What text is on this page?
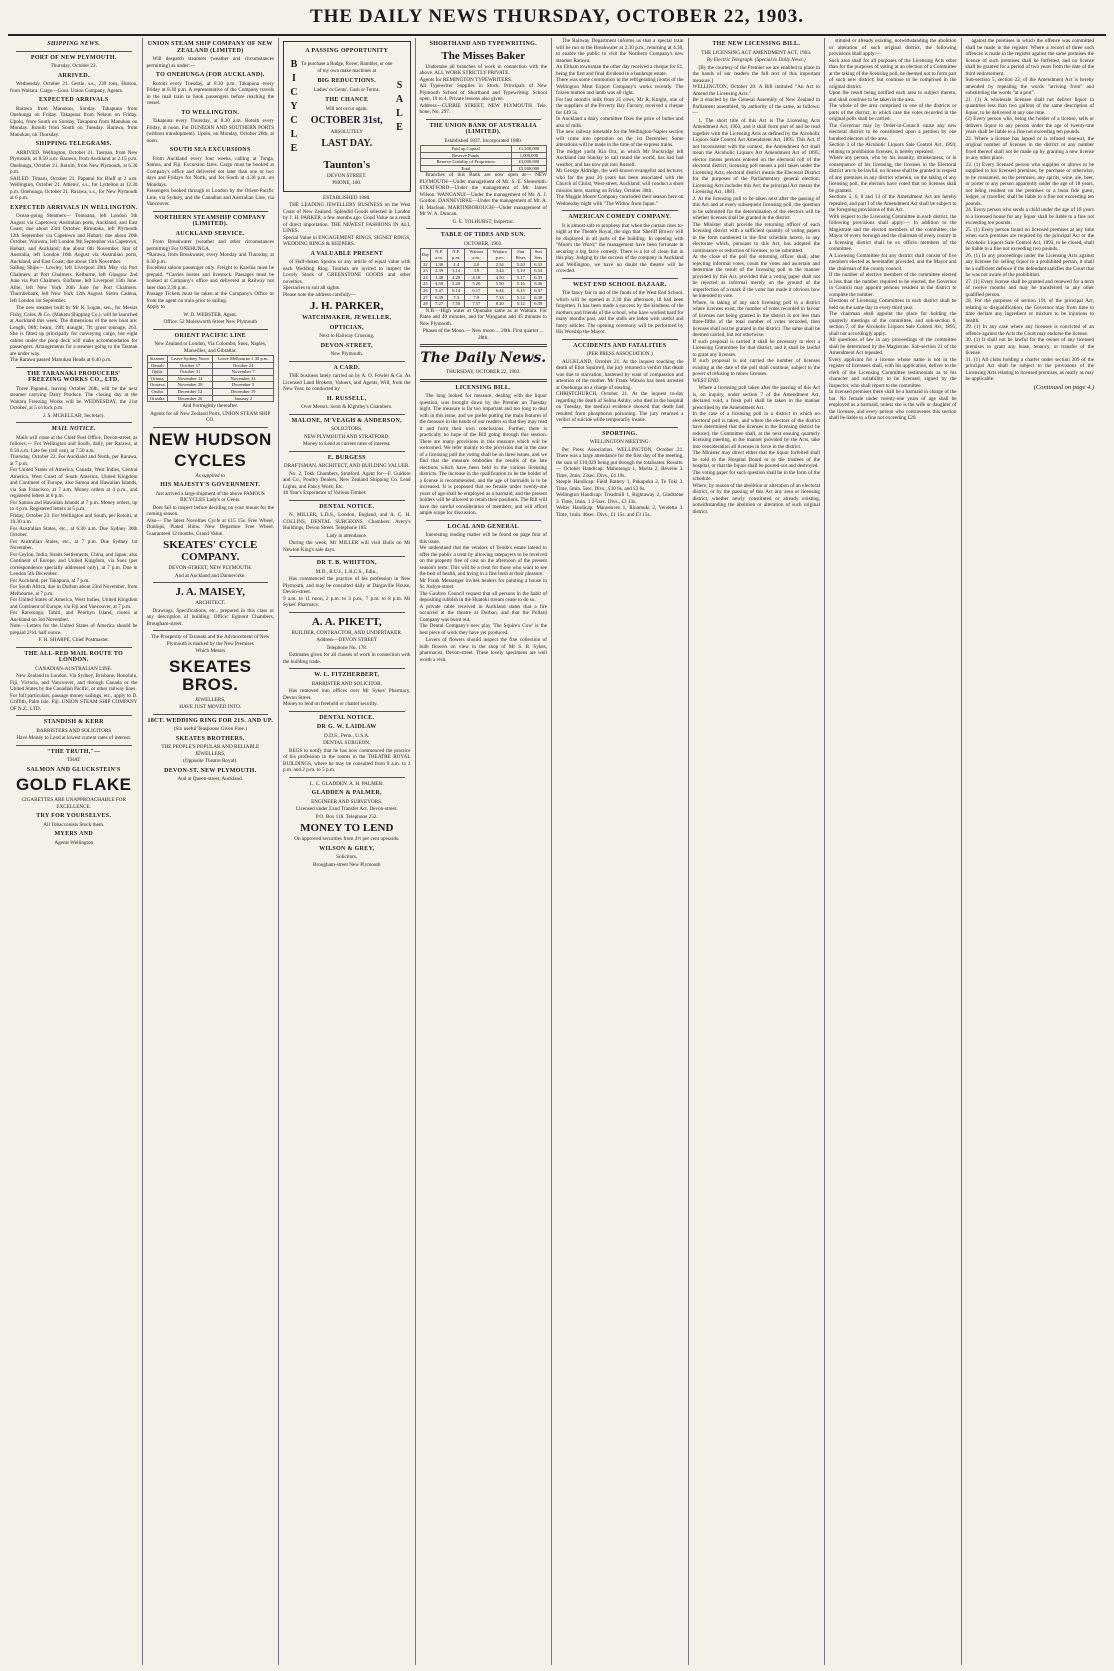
THE DAILY NEWS THURSDAY, OCTOBER 22, 1903.
SHIPPING NEWS.
PORT OF NEW PLYMOUTH.
Thursday, October 22.
ARRIVED.
Wednesday, October 21. Gertie, s.s., 239 tons, Hutson, from Waitara. Cargo—Gout. Union Company, Agents.
EXPECTED ARRIVALS
Rarawa from Manukau, Sunday. Takapuna from Onehunga on Friday. Takapuna from Nelson on Friday. Upolu, from South on Sunday. Takapuna from Manukau on Monday. Rotoiti from South on Tuesday. Rarawa, from Manukau, on Thursday.
SHIPPING TELEGRAMS.
ARRIVED. Wellington, October 21. Tasman, from New Plymouth, at 8.50 a.m. Rarawa, from Auckland at 2.15 p.m. Onehunga, October 21. Rotoiti, from New Plymouth, at 6.30 p.m.
SAILED. Timaru, October 21. Papanui for Bluff at 2 a.m. Wellington, October 21. Athenic, s.s., for Lyttelton at 12.30 p.m. Onehunga, October 21. Rarawa, s.s., for New Plymouth at 6 p.m.
EXPECTED ARRIVALS IN WELLINGTON.
Ocean-going Steamers— Tomoana, left London 5th August via Capetown; Australian ports, Auckland, and East Coast; due about 23rd October. Rimutaka, left Plymouth 12th September via Capetown and Hobart; due about 20th October. Waiwera, left London 9th September via Capetown, Hobart, and Auckland; due about 6th November. Star of Australia, left London 16th August via Australian ports, Auckland, and East Coast; due about 13th November.
Sailing Ships— Lowley, left Liverpool 28th May via Port Chalmers; at Port Chalmers. Kelburne, left Glasgow 2nd June via Port Chalmers. Einfanse, left Liverpool 15th June. Allie, left New York 20th June for Port Chalmers. Thornliebank, left New York 12th August. Sierra Cadena, left London 1st September.
The new steamer built by Mr R. Logan, sen., for Messrs Fishy, Coles, & Co. (Maketu Shipping Co.), will be launched at Auckland this week. The dimensions of the new boat are: Length, 96ft; beam, 19ft; draught, 7ft; gross tonnage, 263. She is fitted up principally for conveying cargo, but eight cabins under the poop deck will make accommodation for passengers. Arrangements for a steamer going to the Tasman are under way.
The Rarawa passed Manukau Heads at 6.40 p.m.
THE TARANAKI PRODUCERS' FREEZING WORKS CO., LTD.
Three Papanui, leaving October 26th, will be the next steamer carrying Dairy Produce. The closing day at the Waitara Freezing Works will be WEDNESDAY, the 21st October, at 5 o'clock p.m.
J. S. MCKELLAR, Secretary.
MAIL NOTICE.
Mails will close at the Chief Post Office, Devon-street, as follows:— For Wellington and South, daily, per Rarawa, at 8.50 a.m. Late fee (rail van), at 7.50 a.m.
Thursday, October 22. For Auckland and North, per Rarawa, at 7 p.m.
For United States of America, Canada, West Indies, Central America, West Coast of South America, United Kingdom and Continent of Europe, also Samoa and Hawaiian Islands, via San Francisco, at 7 a.m. Money orders at 4 p.m., and registered letters at 6 p.m.
For Samoa and Hawaiian Islands at 7 p.m. Money orders, up to 4 p.m. Registered letters at 5 p.m.
Friday, October 23. For Wellington and South, per Rotoiti, at 10.30 a.m.
For Australian States, etc., at 6.30 a.m. Due Sydney 30th October.
For Australian States, etc., at 7 p.m. Due Sydney 1st November.
For Ceylon, India, Straits Settlements, China, and Japan; also Continent of Europe, and United Kingdom, via Suez (per correspondence specially addressed only), at 7 p.m. Due in London 5th December.
For Auckland, per Takapuna, at 7 p.m.
For South Africa, due in Durban about 23rd November, from Melbourne, at 7 p.m.
For United States of America, West Indies, United Kingdom and Continent of Europe, via Fiji and Vancouver, at 7 p.m.
For Rarotonga, Tahiti, and Penrhyn Island, closes at Auckland on 3rd November.
Note.—Letters for the United States of America should be prepaid 2½d. half ounce.
F. H. SHARPE, Chief Postmaster.
THE ALL-RED MAIL ROUTE TO LONDON.
CANADIAN-AUSTRALIAN LINE.
New Zealand to London. Via Sydney, Brisbane, Honolulu, Fiji, Victoria, and Vancouver, and through Canada or the United States by the Canadian Pacific, or other railway lines.
For full particulars, passage money sailings, etc., apply to D. Griffith, Palm Isle. Fiji. UNION STEAM SHIP COMPANY OF N.Z., LTD.
STANDISH & KERR
BARRISTERS AND SOLICITORS
Have Money to Lend at lowest current rates of interest.
"THE TRUTH,"—
THAT
SALMON AND GLUCKSTEIN'S
GOLD FLAKE
CIGARETTES ARE UNAPPROACHABLE FOR EXCELLENCE.
TRY FOR YOURSELVES.
All Tobacconists Stock them.
MYERS AND
Agents Wellington
UNION STEAM SHIP COMPANY OF NEW ZEALAND (LIMITED)
Will despatch steamers (weather and circumstances permitting) as under:—
TO ONEHUNGA (FOR AUCKLAND).
Rotoiti every Tuesday, at 8.30 p.m. Takapuna every Friday at 8.30 p.m. A representative of the Company travels in the mail train to book passengers before reaching the vessel.
TO WELLINGTON.
Takapuna every Thursday, at 8.30 a.m. Rotoiti every Friday, at noon. For DUNEDIN AND SOUTHERN PORTS (without transhipment). Upolu, on Monday, October 26th, at noon.
SOUTH SEA EXCURSIONS
From Auckland every four weeks, calling at Tonga, Samoa, and Fiji. Excursion fares. Cargo must be booked at Company's office and delivered not later than one or two days and Fridays for North, and for South at 4.30 p.m. on Mondays.
Passengers booked through to London by the Orient-Pacific Line, via Sydney, and the Canadian and Australian Line, via Vancouver.
NORTHERN STEAMSHIP COMPANY (LIMITED).
AUCKLAND SERVICE.
From Breakwater (weather and other circumstances permitting) For ONEHUNGA.
*Rarawa, from Breakwater, every Monday and Thursday, at 8.30 p.m.
Excellent saloon passenger only. Freight to Kawhia must be prepaid. *Carries horses and livestock. Passages must be booked at Company's office and delivered at Railway not later than 2.30 p.m.
Passage Tickets must be taken at the Company's Office or from the agent on train prior to sailing.
Apply to
W. D. WEBSTER, Agent.
Office: 52 Molesworth Street New Plymouth
ORIENT PACIFIC LINE
New Zealand to London, Via Colombo, Suez, Naples, Marseilles, and Gibraltar.
Steamer	Leave Sydney Noon	Leave Melbourne 1.30 p.m.
Omrah	October 17	October 24
Ophir	October 31	November 7
Ortona	November 14	November 21
Orotava	November 28	December 5
Oruba	December 12	December 19
Orizaba	December 26	January 2
And Fortnightly thereafter.
Agents for all New Zealand Ports, UNION STEAM SHIP CO.
NEW HUDSON
CYCLES
As supplied to
HIS MAJESTY'S GOVERNMENT.
Just arrived a large shipment of the above FAMOUS BICYCLES Lady's or Gents.
Dont fail to inspect before deciding on your mount for the coming season.
Also— The latest Novelties Cycle at £15 15s. Free Wheel, Dunlops, Plated Rims. New Departure Free Wheel. Guaranteed 12 months, Grand Value.
SKEATES' CYCLE COMPANY.
DEVON-STREET, NEW PLYMOUTH.
And at Auckland and Dannevirke.
J. A. MAISEY,
ARCHITECT.
Drawings, Specifications, etc., prepared in this class or any description of building. Office: Egmont Chambers, Brougham-street.
The Prosperity of Taranaki and the Advancement of New Plymouth is marked by the New Premises
Which Messrs
SKEATES BROS.
JEWELLERS,
HAVE JUST MOVED INTO.
18CT. WEDDING RING FOR 21S. AND UP.
(Six useful Teaspoons Given Free.)
SKEATES BROTHERS,
THE PEOPLE'S POPULAR AND RELIABLE JEWELLERS,
(Opposite Theatre Royal).
DEVON-ST. NEW PLYMOUTH.
And at Queen-street, Auckland.
A PASSING OPPORTUNITY
B
I
C
Y
C
L
E
To purchase a Rudge, Rover, Rambler, or one of my own make machines at
BIG REDUCTIONS.
Ladies' or Gents', Cash or Terms.
THE CHANCE
Will not occur again.
OCTOBER 31st,
ABSOLUTELY
LAST DAY.
S
A
L
E
Taunton's
DEVON STREET.
PHONE, 100.
ESTABLISHED 1880.
THE LEADING JEWELLERY BUSINESS on the West Coast of New Zealand. Splendid Goods selected in London by J. H. PARKER, a few months ago. Good Value as a result of direct importation. THE NEWEST FASHIONS IN ALL LINES.
Special Value in ENGAGEMENT RINGS, SIGNET RINGS, WEDDING RINGS & KEEPERS.
A VALUABLE PRESENT
of Half-dozen Spoons or any article of equal value with each Wedding Ring. Tourists are invited to inspect the Lovely Stock of GREENSTONE GOODS and other novelties.
Spectacles to suit all sights.
Please note the address carefully—
J. H. PARKER,
WATCHMAKER, JEWELLER,
OPTICIAN,
Next to Railway Crossing,
DEVON-STREET,
New Plymouth.
A CARD.
THE business lately carried on by A. O. Fowler & Co. As Licensed Land Brokers, Valuers, and Agents, Will, from the New Year, be conducted by
H. RUSSELL,
Over Messrs. Scott & Kightley's Chambers.
MALONE, M'VEAGH & ANDERSON,
SOLICITORS,
NEW PLYMOUTH AND STRATFORD.
Money to Lend at current rates of interest.
E. BURGESS
DRAFTSMAN, ARCHITECT, AND BUILDING VALUER.
No. 2, Tokk Chambers, Stratford. Agent for—F. Guidore and Co., Poultry Dealers, New Zealand Shipping Co. Lead Lights, and Fancy Work, Etc.
40 Year's Experience of Various Timber.
DENTAL NOTICE.
N. MILLER, L.D.S., London, England, and A. C. H. COLLINS, DENTAL SURGEONS. Chambers: Avery's Buildings, Devon Street. Telephone 185.
Lady in attendance.
During the week, Mr MILLER will visit Bulls on Mr Newton King's sale days.
DR T. B. WHITTON,
M.D., R.U.I., L.R.C.S., Edin.,
Has commenced the practice of his profession in New Plymouth, and may be consulted daily at Dargaville House, Devon-street.
9 a.m. to 11 noon, 2 p.m. to 3 p.m., 7 p.m. to 8 p.m. Mr Sykes' Pharmacy.
A. A. PIKETT,
BUILDER, CONTRACTOR, AND UNDERTAKER.
Address—DEVON STREET
Telephone No. 178.
Estimates given for all classes of work in connection with the building trade.
W. L. FITZHERBERT,
BARRISTER AND SOLICITOR,
Has removed into offices over Mr Sykes' Pharmacy, Devon Street.
Money to lend on freehold or chattel security.
DENTAL NOTICE.
DR G. W. LAIDLAW
D.D.S., Penn., U.S.A.
DENTAL SURGEON.
BEGS to notify that he has now commenced the practice of his profession in the rooms in the THEATRE ROYAL BUILDINGS, where he may be consulted from 9 a.m. to 1 p.m. and 2 p.m. to 5 p.m.
L. C. GLADDEN. A. H. PALMER.
GLADDEN & PALMER,
ENGINEER AND SURVEYORS.
Licensed under Land Transfer Act. Devon-street.
P.O. Box 118. Telephone 252.
MONEY TO LEND
On approved securities from 4½ per cent upwards.
WILSON & GREY,
Solicitors,
Brougham-street New Plymouth
SHORTHAND AND TYPEWRITING.
The Misses Baker
Undertake all branches of work in connection with the above. ALL WORK STRICTLY PRIVATE.
Agents for REMINGTON TYPEWRITERS.
All Typewriter Supplies in Stock. Principals of New Plymouth School of Shorthand and Typewriting. School open, 10 to 4. Private lessons also given.
Address—CURRIE STREET, NEW PLYMOUTH. Tele. hone, No. 297.
THE UNION BANK OF AUSTRALIA (LIMITED).
Established 1837. Incorporated 1880.
Paid up Capital	£1,500,000
Reserve Funds	1,000,000
Reserve Liability of Proprietors	£3,000,000
Total	£5,500,000
Branches of this Bank are now open at— NEW PLYMOUTH—Under management of Mr. S. E. Shoesmith. STRATFORD—Under the management of Mr. James Wilson. WANGANUI—Under the management of Mr. A. J. Gordon. DANNEVIRKE—Under the management of Mr. A. H. Maclean. MARTINBOROUGH—Under management of Mr W. A. Duncan.
G. E. TOLHURST, Inspector.
TABLE OF TIDES AND SUN.
OCTOBER, 1903.
Day	N.P. a.m.	N.P. p.m.	Waitara a.m.	Waitara p.m.	Sun Rises	Sun Sets
22	1.30	2.4	2.0	2.34	5.20	6.33
23	2.39	3.14	3.9	3.44	5.19	6.34
24	3.48	4.20	4.18	4.50	5.17	6.35
25	4.50	5.20	5.20	5.50	5.16	6.36
26	5.47	6.14	6.17	6.44	5.15	6.37
27	6.39	7.3	7.9	7.33	5.14	6.38
28	7.27	7.50	7.57	8.20	5.12	6.39
N.B.—High water at Opunake same as at Waitara. For Patea add 40 minutes, and for Wanganui add 45 minutes to New Plymouth.
Phases of the Moon.— New moon ... 20th. First quarter ... 28th.
The Daily News.
THURSDAY, OCTOBER 22, 1903.
LICENSING BILL.
The long looked for measure, dealing with the liquor question, was brought down by the Premier on Tuesday night. The measure is far too important and too long to deal with in this issue, and we prefer putting the main features of the measure in the hands of our readers so that they may read it and form their own conclusions. Further, there is practically no hope of the Bill going through this session. There are many provisions in this measure which will be welcomed. We refer mainly to the provision that in the case of a licensing poll the voting shall be on three issues, and we find that the measure embodies the results of the late elections which have been held in the various licensing districts. The increase in the qualification to be the holder of a license is recommended, and the age of barmaids is to be increased. It is proposed that no female under twenty-one years of age shall be employed as a barmaid, and the present holders will be allowed to retain their positions. The Bill will have the careful consideration of members, and will afford ample scope for discussion.
LOCAL AND GENERAL
Interesting reading matter will be found on page four of this issue.
We understand that the vendors of Yende's estate intend to offer the public a treat by allowing ratepayers to be received on the property free of cost on the afternoon of the present season's term. This will be a treat for those who want to see the best of health, and living in a fine bush at their pleasure.
Mr Frank Messenger invites tenders for painting a house in St. Aubyn-street.
The Gaulton Council request that all persons in the habit of depositing rubbish in the Huatoki stream cease to do so.
A private cable received in Auckland states that a fire occurred at the theatre at Durban, and that the Pollard Company was burnt out.
The Dental Company's new play 'The Squire's Cow' is the best piece of work they have yet produced.
Lovers of flowers should inspect the fine collection of bulb flowers on view in the shop of Mr S. B. Sykes, pharmacist, Devon-street. These lovely specimens are well worth a visit.
The Railway Department informs us that a special train will be run to the Breakwater at 2.30 p.m., returning at 4.30, to enable the public to visit the Northern Company's new steamer Rarawa.
An Eltham townsman the other day received a cheque for £1, being the first and final dividend in a bankrupt estate.
There was some commotion in the refrigerating rooms of the Wellington Meat Export Company's works recently. The frozen mutton and lamb was all right.
For last month's milk from 25 cows, Mr R. Knight, one of the suppliers of the Poverty Bay Factory, received a cheque for £49 5s.
In Auckland a dairy committee fixes the price of butter and also of milk.
The new railway timetable for the Wellington-Napier section will come into operation on the 1st December. Some alterations will be made in the time of the express trains.
The midget yacht Kia Ora, in which Mr Buckridge left Auckland last Sunday to sail round the world, has had bad weather, and has now put into Russell.
Mr George Aldridge, the well known evangelist and lecturer, who for the past 20 years has been associated with the Church of Christ, West-street, Auckland, will conduct a short mission here, starting on Friday, October 30th.
The Maggie Moore Company concluded their season here on Wednesday night with "The Widow from Japan."
AMERICAN COMEDY COMPANY.
It is almost safe to prophesy that when the curtain rises to-night at the Theatre Royal, the sign that 'Sheriff Brown' will be displayed in all parts of the building. In opening with "Mum's the Word," the management have been fortunate in securing a big farce comedy. There is a lot of clean fun in this play. Judging by the success of the company in Auckland and Wellington, we have no doubt the theatre will be crowded.
WEST END SCHOOL BAZAAR.
The fancy fair in aid of the funds of the West End School, which will be opened at 2.30 this afternoon, ill had been forgotten. It has been made a success by the kindness of the mothers and friends of the school, who have worked hard for many months past, and the stalls are laden with useful and fancy articles. The opening ceremony will be performed by His Worship the Mayor.
ACCIDENTS AND FATALITIES
(PER PRESS ASSOCIATION.)
AUCKLAND, October 21. At the inquest touching the death of Eliot Squirrell, the jury returned a verdict that death was due to starvation, hastened by want of compassion and attention of the mother. Mr Frank Watson has been arrested at Onehunga on a charge of stealing.
CHRISTCHURCH, October 21. At the inquest to-day regarding the death of Selina Ashby, who died in the hospital on Tuesday, the medical evidence showed that death had resulted from phosphorus poisoning. The jury returned a verdict of suicide while temporarily insane.
SPORTING.
WELLINGTON MEETING.
Per Press Association. WELLINGTON, October 21. There was a large attendance for the first day of the meeting, the sum of £10,029 being put through the totalisator. Results:— October Handicap: Mahutonga 1, Marita 2, Reverie 3. Time, 2min. 23sec. Divs., £4 19s.
Steeple Handicap: Field Battery 1, Pukapuka 2, Te Toki 3. Time, 5min. 5sec. Divs., £10 6s. and £3 6s.
Wellington Handicap: Treadmill 1, Rightaway 2, Gladstone 3. Time, 1min. 1 2-5sec. Divs., £3 13s.
Welter Handicap: Manoeuvre 1, Rinamuki 2, Vendetta 3. Time, 1min. 46sec. Divs., £1 15s. and £3 15s.
THE NEW LICENSING BILL.
THE LICENSING ACT AMENDMENT ACT, 1903.
By Electric Telegraph. (Special to Daily News.)
[By the courtesy of the Premier we are enabled to place in the hands of our readers the full text of this important measure.]
WELLINGTON, October 20. A Bill intituled "An Act to Amend the Licensing Acts."
Be it enacted by the General Assembly of New Zealand in Parliament assembled, by authority of the same, as follows:—
1. The short title of this Act is The Licensing Acts Amendment Act, 1903, and it shall form part of and be read together with the Licensing Acts as defined by the Alcoholic Liquors Sale Control Act Amendment Act, 1895. This Act, if not inconsistent with the context, the Amendment Act shall mean the Alcoholic Liquors Act Amendment Act of 1895; elector means persons entered on the electoral roll of the electoral district; licensing poll means a poll taken under the Licensing Acts; electoral district means the Electoral District for the purposes of the Parliamentary general election; Licensing Acts includes this Act; the principal Act means the Licensing Act, 1881.
2. At the licensing poll to be taken next after the passing of this Act and at every subsequent licensing poll, the question to be submitted for the determination of the electors will be whether licenses shall be granted in the district.
The Minister shall provide the returning officer of each licensing district with a sufficient quantity of voting papers in the form numbered in the first schedule hereto, in any electorate which, pursuant to this Act, has adopted the continuance or reduction of licenses, to be submitted.
At the close of the poll the returning officer shall, after rejecting informal votes, count the votes and ascertain and determine the result of the licensing poll in the manner provided by this Act, provided that a voting paper shall not be rejected as informal merely on the ground of the imperfection of a mark if the voter has made it obvious how he intended to vote.
Where, in taking of any such licensing poll in a district where licenses exist, the number of votes recorded in favour of licenses not being granted in the district is not less than three-fifths of the total number of votes recorded, then licenses shall not be granted in the district. The same shall be deemed carried, but not otherwise.
If such proposal is carried it shall be necessary to elect a Licensing Committee for that district, and it shall be lawful to grant any licenses.
If such proposal is not carried the number of licenses existing at the date of the poll shall continue, subject to the power of refusing to renew licenses.
WEST END.
Where a licensing poll taken after the passing of this Act is, on inquiry, under section 7 of the Amendment Act, declared void, a fresh poll shall be taken in the manner prescribed by the Amendment Act.
In the case of a licensing poll in a district in which no electoral poll is taken, and where the electors of the district have determined that the licenses in the licensing district be reduced, the Committee shall, at the next ensuing quarterly licensing meeting, in the manner provided by the Acts, take into consideration all licenses in force in the district.
The Minister may direct either that the liquor forfeited shall be sold to the Hospital Board or to the trustees of the hospital, or that the liquor shall be poured out and destroyed.
The voting paper for such question shall be in the form of the schedule.
Where, by reason of the abolition or alteration of an electoral district, or by the passing of this Act any area or licensing district, whether newly constituted or already existing, notwithstanding the abolition or alteration of such original district.
stituted or already existing, notwithstanding the abolition or alteration of such original district, the following provisions shall apply:—
Such area shall for all purposes of the Licensing Acts other than for the purposes of voting at an election of a Committee at the taking of the licensing poll, be deemed not to form part of such new district; but continue to be comprised in the original district.
Upon the result being notified each area to subject thereto, and shall continue to be taken in the area.
The whole of the area comprised in one of the districts or parts of the district, in which case the votes recorded in the original polls shall be carried.
The Governor may by Order-in-Council cause any new electoral district to be constituted upon a petition by one hundred electors of the area.
Section 3 of the Alcoholic Liquors Sale Control Act, 1893, relating to prohibition licenses, is hereby repealed.
Where any person, who by his insanity, drunkenness, or in consequence of his licensing, the licenses in the Electoral district are to be lawful, no license shall be granted in respect of any premises in any district wherein, on the taking of any licensing poll, the electors have voted that no licenses shall be granted.
Sections 5, 6, 8 and 13 of the Amendment Act are hereby repealed, and part I of the Amendment Act shall be subject to the foregoing provisions of this Act.
With respect to the Licensing Committee in each district, the following provisions shall apply:— In addition to the Magistrate and the elected members of the committee, the Mayor of every borough and the chairman of every county in a licensing district shall be ex officio members of the committee.
A Licensing Committee for any district shall consist of five members elected as hereinafter provided, and the Mayor and the chairman of the county council.
If the number of elective members of the committee elected is less than the number required to be elected, the Governor in Council may appoint persons resident in the district to complete the number.
Elections of Licensing Committees in each district shall be held on the same day in every third year.
The chairman shall appoint the place for holding the quarterly meetings of the committee, and sub-section 6, section 7, of the Alcoholic Liquors Sale Control Act, 1895, shall not accordingly apply.
All questions of law in any proceedings of the committee shall be determined by the Magistrate. Sub-section 21 of the Amendment Act repealed.
Every applicant for a license whose name is not in the register of licensees shall, with his application, deliver to the clerk of the Licensing Committee testimonials as to his character and suitability to be licensed, signed by the Inspector, who shall report to the committee.
In licensed premises there shall be a barmaid in charge of the bar. No female under twenty-one years of age shall be employed as a barmaid, unless she is the wife or daughter of the licensee, and every person who contravenes this section shall be liable to a fine not exceeding £20.
against the premises in which the offence was committed shall be made in the register. Where a record of three such offences is made in the register against the same premises the licence of such premises shall be forfeited, and no license shall be granted for a period of two years from the date of the third endorsement.
Sub-section 5, section 22, of the Amendment Act is hereby amended by repealing the words "arriving from" and substituting the words "at a port".
21. (1) A wholesale licensee shall not deliver liquor in quantities less than two gallons of the same description of liquor, to be delivered at any one time.
(2) Every person who, being the holder of a license, sells or delivers liquor to any person under the age of twenty-one years shall be liable to a fine not exceeding ten pounds.
22. Where a license has lapsed or is refused renewal, the original number of licenses in the district or any number fixed thereof shall not be made up by granting a new license in any other place.
23. (1) Every licensed person who supplies or allows to be supplied to his licensed premises, by purchase or otherwise, to be consumed, on the premises, any spirits, wine, ale, beer, or porter to any person apparently under the age of 18 years, not being resident on the premises or a bona fide guest, lodger, or traveller, shall be liable to a fine not exceeding ten pounds.
24. Every person who sends a child under the age of 18 years to a licensed house for any liquor shall be liable to a fine not exceeding ten pounds.
25. (1) Every person found on licensed premises at any time when such premises are required by the principal Act or the Alcoholic Liquors Sale Control Act, 1893, to be closed, shall be liable to a fine not exceeding two pounds.
26. (1) In any proceedings under the Licensing Acts against any licensee for selling liquor to a prohibited person, it shall be a sufficient defence if the defendant satisfies the Court that he was not aware of the prohibition.
27. (1) Every license shall be granted and renewed for a term of twelve months and may be transferred to any other qualified person.
28. For the purposes of section 191 of the principal Act, relating to disqualification, the Governor may from time to time declare any ingredient or mixture to be injurious to health.
29. (1) In any case where any licensee is convicted of an offence against the Acts the Court may endorse the license.
30. (1) It shall not be lawful for the owner of any licensed premises to grant any lease, tenancy, or transfer of the license.
31. (1) All clubs holding a charter under section 209 of the principal Act shall be subject to the provisions of the Licensing Acts relating to licensed premises, as nearly as may be applicable.
(Continued on page 4.)
